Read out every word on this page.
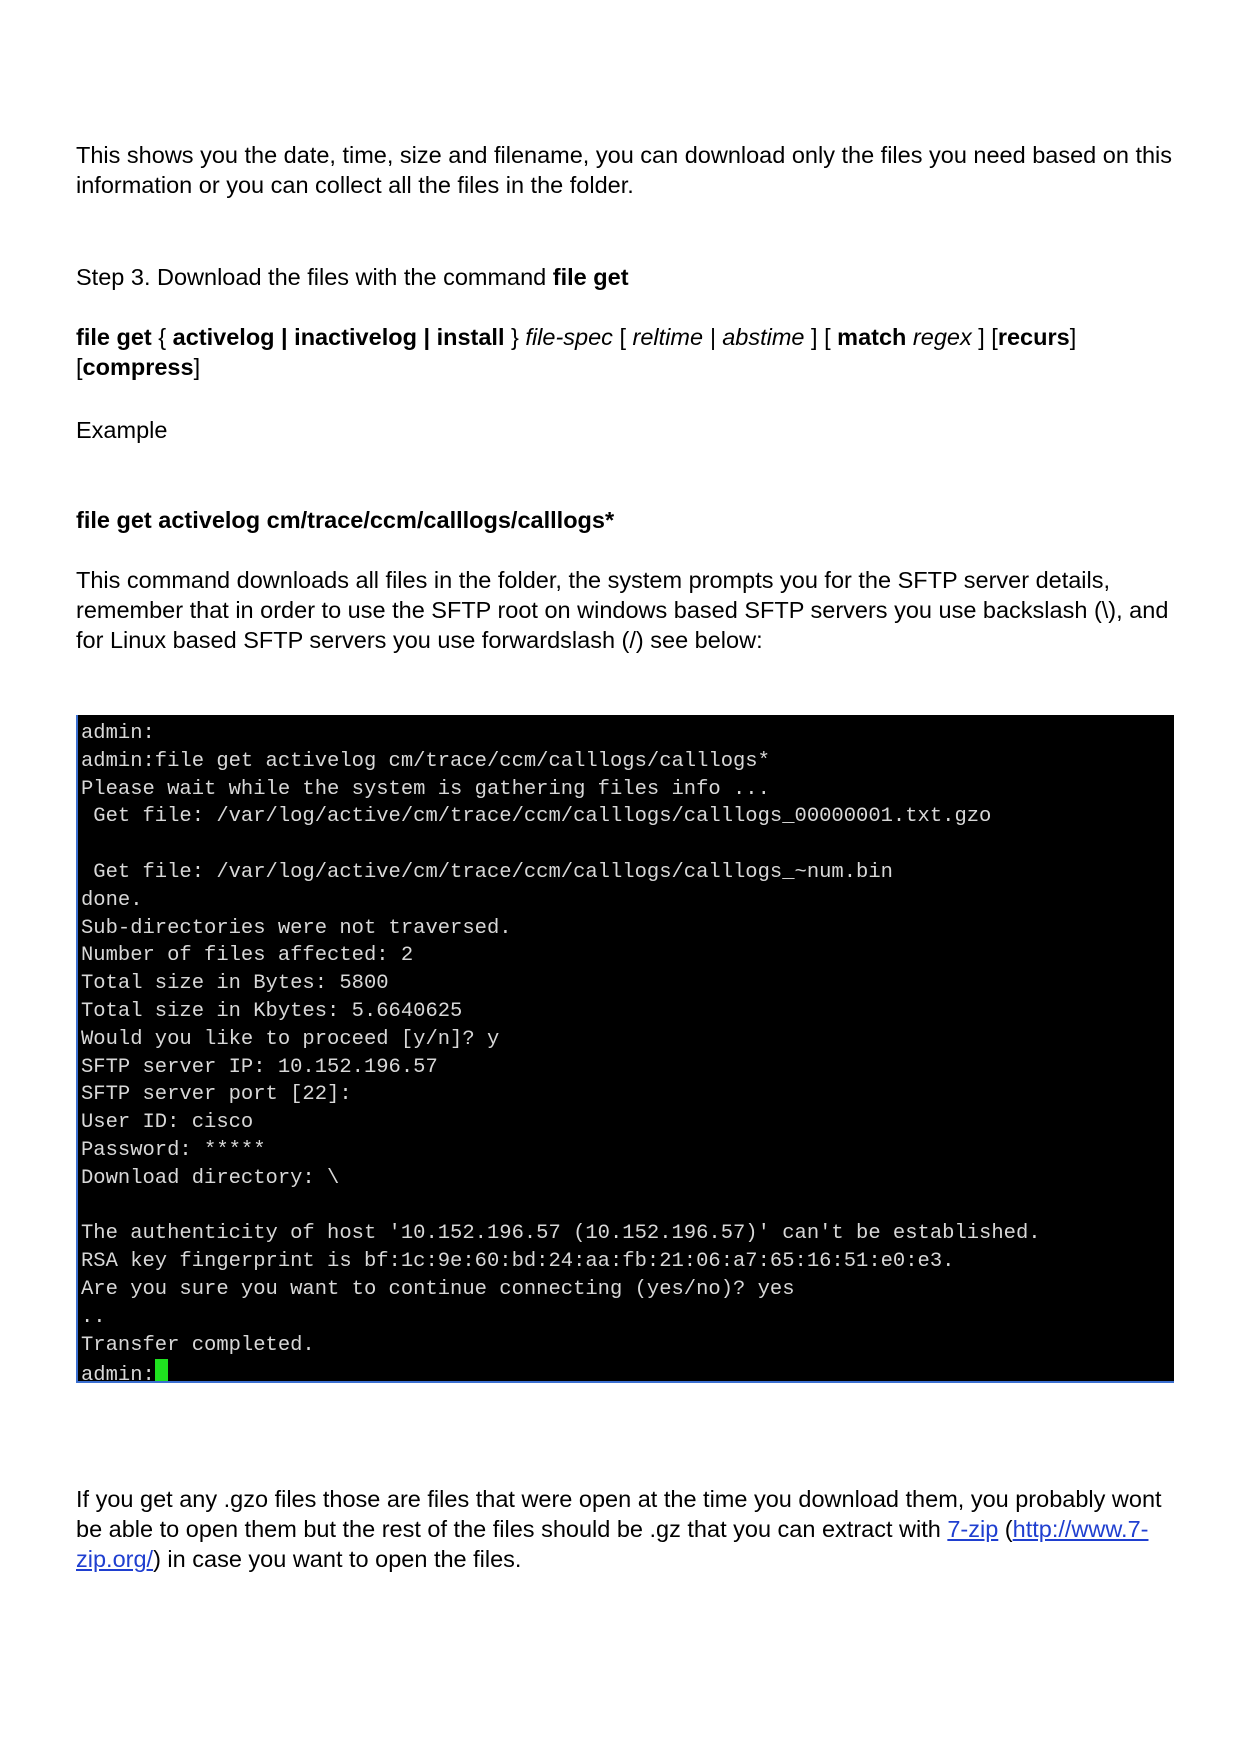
This shows you the date, time, size and filename, you can download only the files you need based on this information or you can collect all the files in the folder.

Step 3. Download the files with the command file get

file get { activelog | inactivelog | install } file-spec [ reltime | abstime ] [ match regex ] [recurs]
[compress]

Example

file get activelog cm/trace/ccm/calllogs/calllogs*

This command downloads all files in the folder, the system prompts you for the SFTP server details, remember that in order to use the SFTP root on windows based SFTP servers you use backslash (\), and for Linux based SFTP servers you use forwardslash (/) see below:

admin:
admin:file get activelog cm/trace/ccm/calllogs/calllogs*
Please wait while the system is gathering files info ...
Get file: /var/log/active/cm/trace/ccm/calllogs/calllogs_00000001.txt.gzo
Get file: /var/log/active/cm/trace/ccm/calllogs/calllogs_~num.bin
done.
Sub-directories were not traversed.
Number of files affected: 2
Total size in Bytes: 5800
Total size in Kbytes: 5.6640625
Would you like to proceed [y/n]? y
SFTP server IP: 10.152.196.57
SFTP server port [22]:
User ID: cisco
Password: *****
Download directory: \
The authenticity of host '10.152.196.57 (10.152.196.57)' can't be established.
RSA key fingerprint is bf:1c:9e:60:bd:24:aa:fb:21:06:a7:65:16:51:e0:e3.
Are you sure you want to continue connecting (yes/no)? yes
..
Transfer completed.
admin:

If you get any .gzo files those are files that were open at the time you download them, you probably wont be able to open them but the rest of the files should be .gz that you can extract with 7-zip (http://www.7-zip.org/) in case you want to open the files.
